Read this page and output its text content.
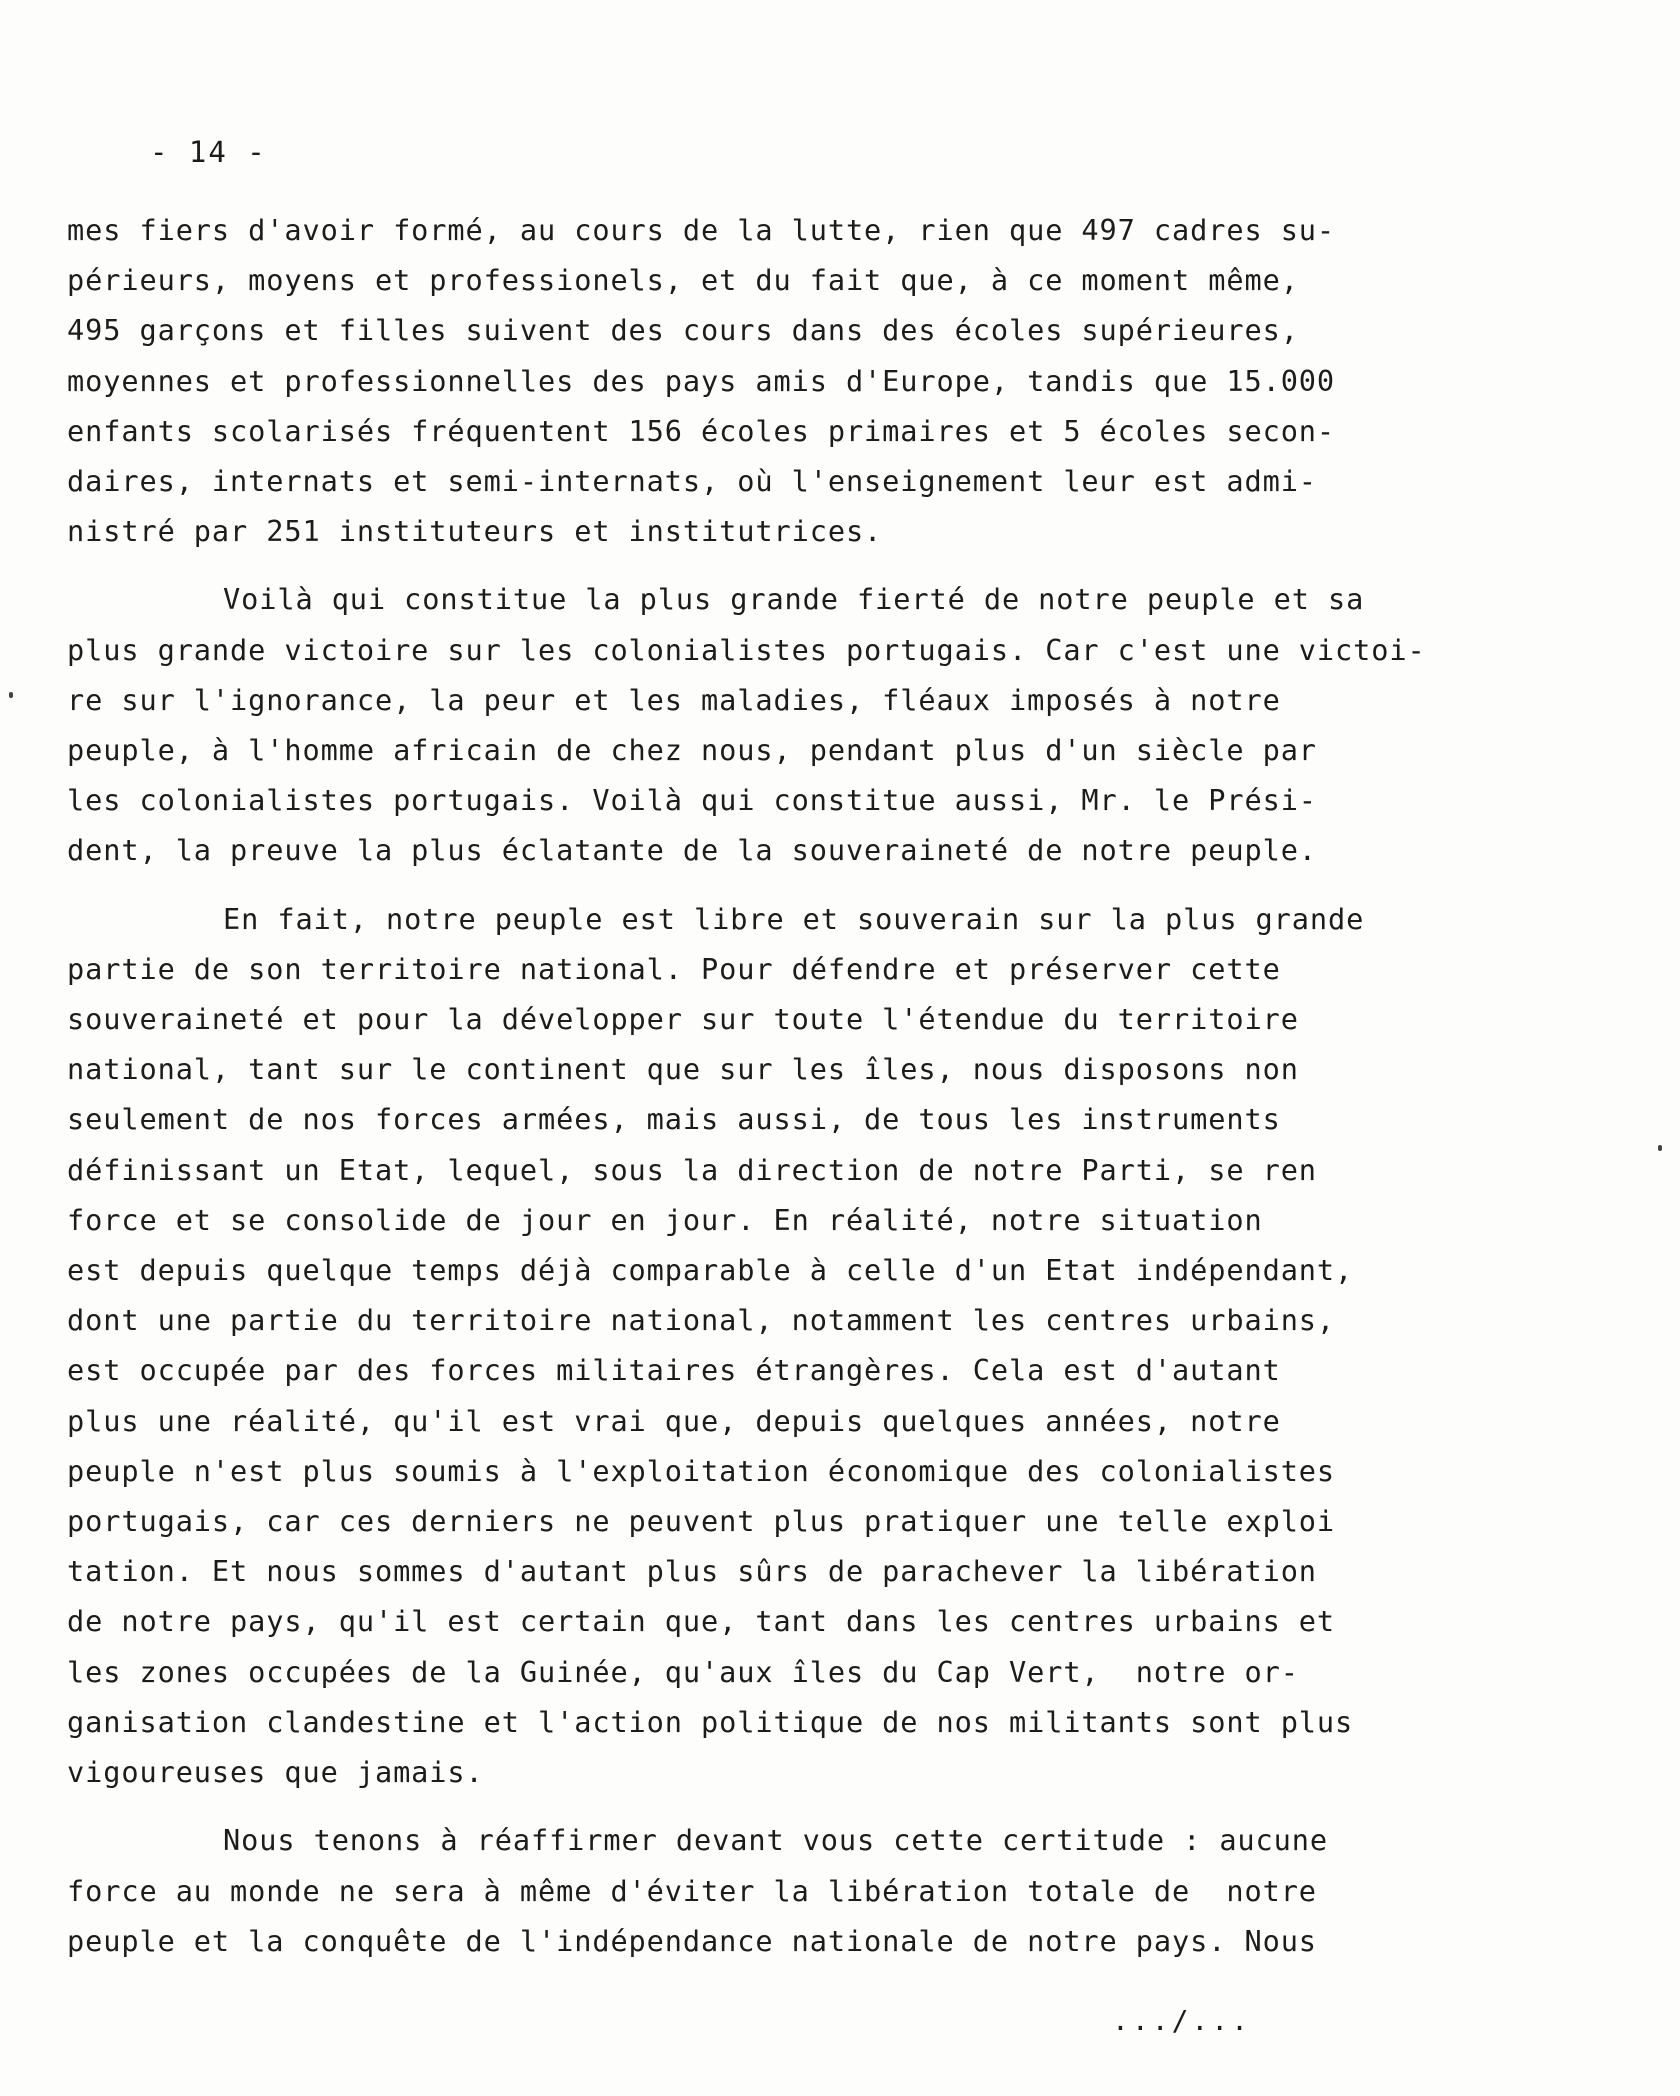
- 14 -
mes fiers d'avoir formé, au cours de la lutte, rien que 497 cadres su-
périeurs, moyens et professionels, et du fait que, à ce moment même,
495 garçons et filles suivent des cours dans des écoles supérieures,
moyennes et professionnelles des pays amis d'Europe, tandis que 15.000
enfants scolarisés fréquentent 156 écoles primaires et 5 écoles secon-
daires, internats et semi-internats, où l'enseignement leur est admi-
nistré par 251 instituteurs et institutrices.
Voilà qui constitue la plus grande fierté de notre peuple et sa
plus grande victoire sur les colonialistes portugais. Car c'est une victoi-
re sur l'ignorance, la peur et les maladies, fléaux imposés à notre
peuple, à l'homme africain de chez nous, pendant plus d'un siècle par
les colonialistes portugais. Voilà qui constitue aussi, Mr. le Prési-
dent, la preuve la plus éclatante de la souveraineté de notre peuple.
En fait, notre peuple est libre et souverain sur la plus grande
partie de son territoire national. Pour défendre et préserver cette
souveraineté et pour la développer sur toute l'étendue du territoire
national, tant sur le continent que sur les îles, nous disposons non
seulement de nos forces armées, mais aussi, de tous les instruments
définissant un Etat, lequel, sous la direction de notre Parti, se ren
force et se consolide de jour en jour. En réalité, notre situation
est depuis quelque temps déjà comparable à celle d'un Etat indépendant,
dont une partie du territoire national, notamment les centres urbains,
est occupée par des forces militaires étrangères. Cela est d'autant
plus une réalité, qu'il est vrai que, depuis quelques années, notre
peuple n'est plus soumis à l'exploitation économique des colonialistes
portugais, car ces derniers ne peuvent plus pratiquer une telle exploi
tation. Et nous sommes d'autant plus sûrs de parachever la libération
de notre pays, qu'il est certain que, tant dans les centres urbains et
les zones occupées de la Guinée, qu'aux îles du Cap Vert,  notre or-
ganisation clandestine et l'action politique de nos militants sont plus
vigoureuses que jamais.
Nous tenons à réaffirmer devant vous cette certitude : aucune
force au monde ne sera à même d'éviter la libération totale de  notre
peuple et la conquête de l'indépendance nationale de notre pays. Nous
.../...
